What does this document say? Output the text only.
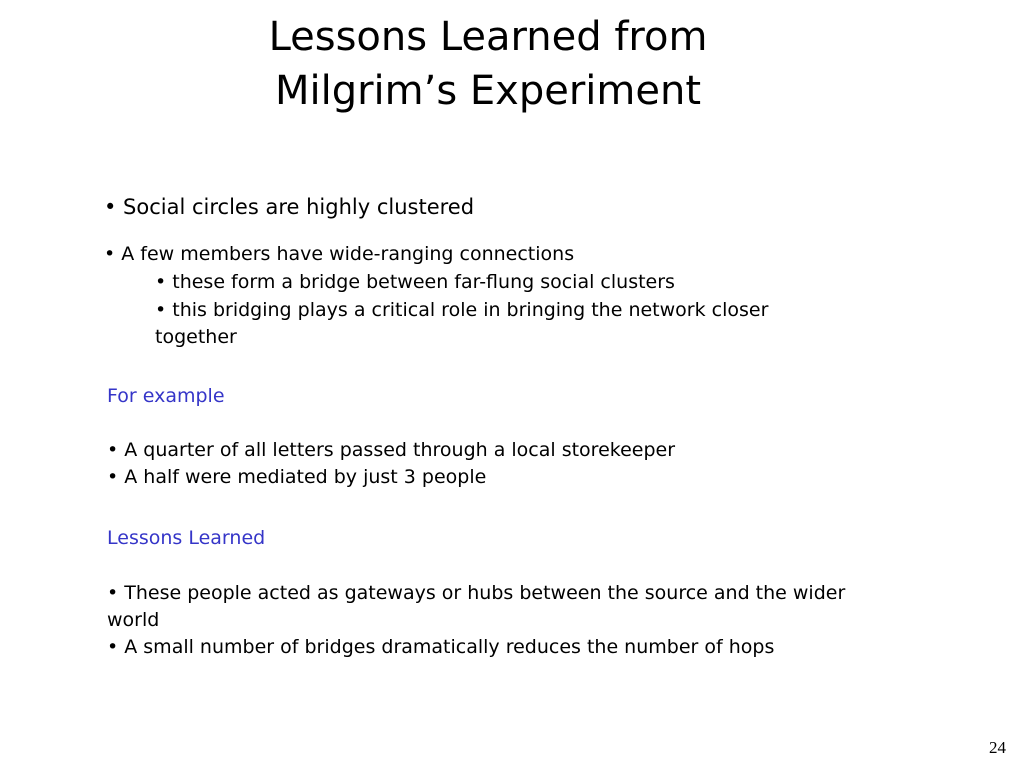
Lessons Learned from
Milgrim’s Experiment
• Social circles are highly clustered
• A few members have wide-ranging connections
• these form a bridge between far-flung social clusters
• this bridging plays a critical role in bringing the network closer
together
For example
• A quarter of all letters passed through a local storekeeper
• A half were mediated by just 3 people
Lessons Learned
• These people acted as gateways or hubs between the source and the wider
world
• A small number of bridges dramatically reduces the number of hops
24
